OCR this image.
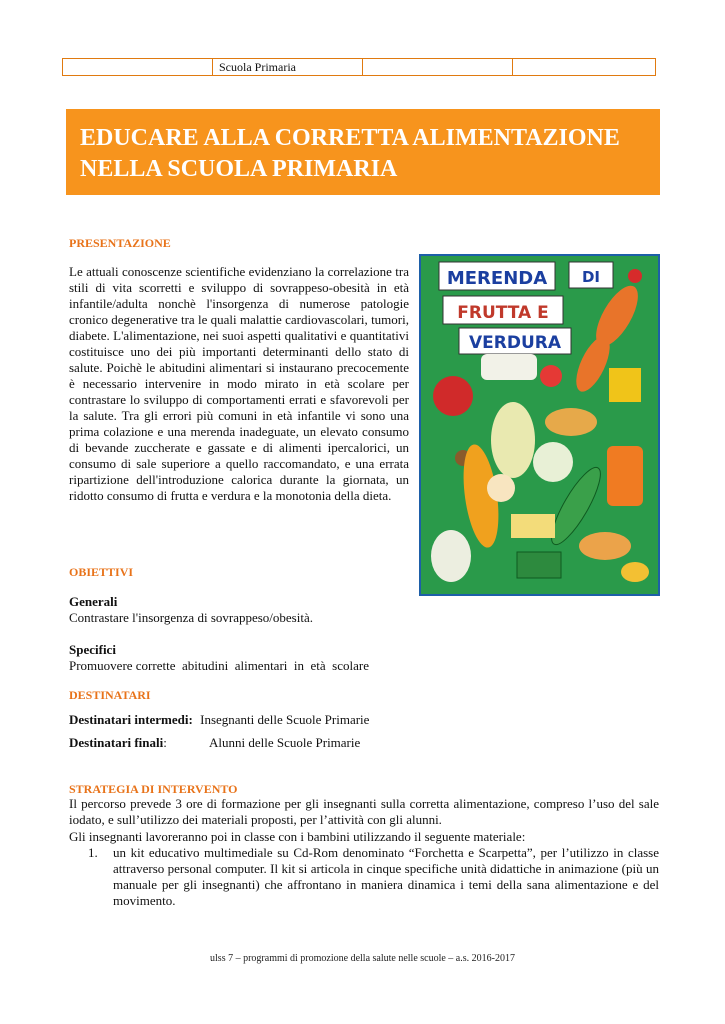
Scuola Primaria
EDUCARE ALLA CORRETTA ALIMENTAZIONE
NELLA SCUOLA PRIMARIA
PRESENTAZIONE
Le attuali conoscenze scientifiche evidenziano la correlazione tra stili di vita scorretti e sviluppo di sovrappeso-obesità in età infantile/adulta nonchè l'insorgenza di numerose patologie cronico degenerative tra le quali malattie cardiovascolari, tumori, diabete. L'alimentazione, nei suoi aspetti qualitativi e quantitativi costituisce uno dei più importanti determinanti dello stato di salute. Poichè le abitudini alimentari si instaurano precocemente è necessario intervenire in modo mirato in età scolare per contrastare lo sviluppo di comportamenti errati e sfavorevoli per la salute. Tra gli errori più comuni in età infantile vi sono una prima colazione e una merenda inadeguate, un elevato consumo di bevande zuccherate e gassate e di alimenti ipercalorici, un consumo di sale superiore a quello raccomandato, e una errata ripartizione dell'introduzione calorica durante la giornata, un ridotto consumo di frutta e verdura e la monotonia della dieta.
MERENDA DI
FRUTTA E
VERDURA
OBIETTIVI
Generali
Contrastare l'insorgenza di sovrappeso/obesità.
Specifici
Promuovere corrette  abitudini  alimentari  in  età  scolare
DESTINATARI
Destinatari intermedi: Insegnanti delle Scuole Primarie
Destinatari finali:	Alunni delle Scuole Primarie
STRATEGIA DI INTERVENTO
Il percorso prevede 3 ore di formazione per gli insegnanti sulla corretta alimentazione, compreso l’uso del sale iodato, e sull’utilizzo dei materiali proposti, per l’attività con gli alunni.
Gli insegnanti lavoreranno poi in classe con i bambini utilizzando il seguente materiale:
1.	un kit educativo multimediale su Cd-Rom denominato “Forchetta e Scarpetta”, per l’utilizzo in classe attraverso personal computer. Il kit si articola in cinque specifiche unità didattiche in animazione (più un manuale per gli insegnanti) che affrontano in maniera dinamica i temi della sana alimentazione e del movimento.
ulss 7 – programmi di promozione della salute nelle scuole – a.s. 2016-2017
